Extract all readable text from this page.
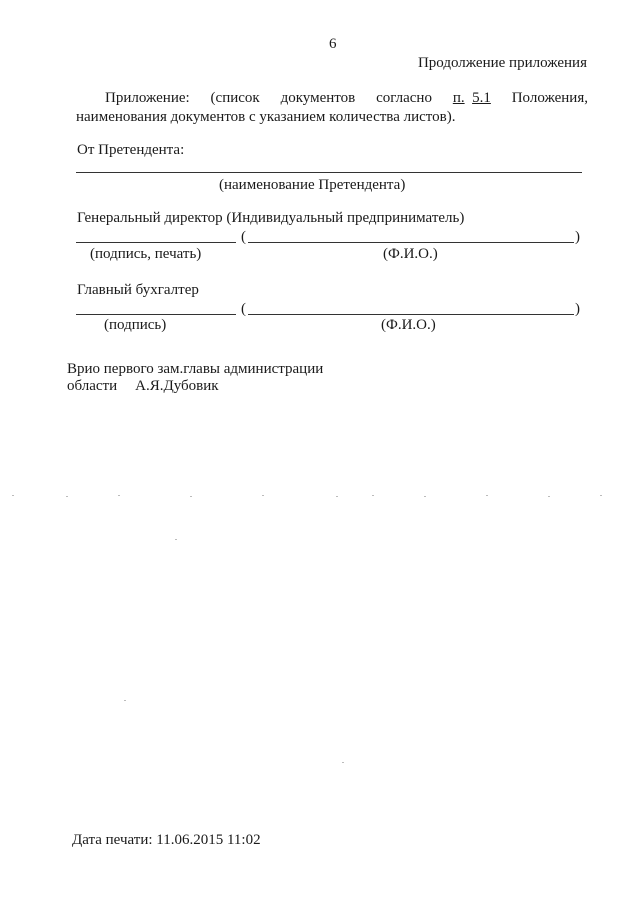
6
Продолжение приложения
Приложение: (список документов согласно п. 5.1 Положения,
наименования документов с указанием количества листов).
От Претендента:
(наименование Претендента)
Генеральный директор (Индивидуальный предприниматель)
(	)
(подпись, печать)	(Ф.И.О.)
Главный бухгалтер
(	)
(подпись)	(Ф.И.О.)
Врио первого зам.главы администрации
области А.Я.Дубовик
Дата печати: 11.06.2015 11:02
